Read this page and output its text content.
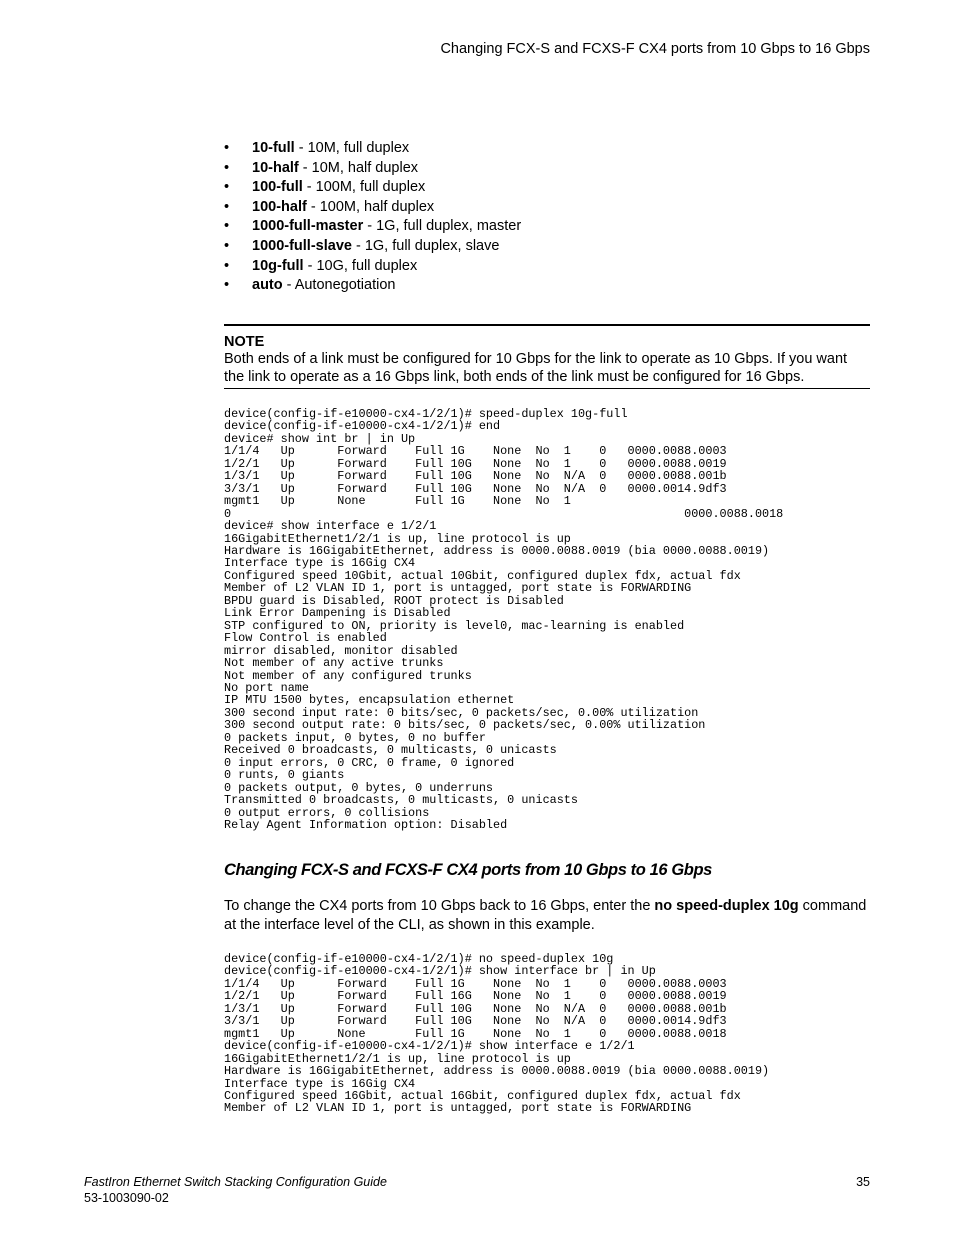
Changing FCX-S and FCXS-F CX4 ports from 10 Gbps to 16 Gbps
• 10-full - 10M, full duplex
• 10-half - 10M, half duplex
• 100-full - 100M, full duplex
• 100-half - 100M, half duplex
• 1000-full-master - 1G, full duplex, master
• 1000-full-slave - 1G, full duplex, slave
• 10g-full - 10G, full duplex
• auto - Autonegotiation
NOTE
Both ends of a link must be configured for 10 Gbps for the link to operate as 10 Gbps. If you want the link to operate as a 16 Gbps link, both ends of the link must be configured for 16 Gbps.
device(config-if-e10000-cx4-1/2/1)# speed-duplex 10g-full
device(config-if-e10000-cx4-1/2/1)# end
device# show int br | in Up
1/1/4   Up      Forward    Full 1G    None  No  1    0   0000.0088.0003
1/2/1   Up      Forward    Full 10G   None  No  1    0   0000.0088.0019
1/3/1   Up      Forward    Full 10G   None  No  N/A  0   0000.0088.001b
3/3/1   Up      Forward    Full 10G   None  No  N/A  0   0000.0014.9df3
mgmt1   Up      None       Full 1G    None  No  1
0                                                                0000.0088.0018
device# show interface e 1/2/1
16GigabitEthernet1/2/1 is up, line protocol is up
Hardware is 16GigabitEthernet, address is 0000.0088.0019 (bia 0000.0088.0019)
Interface type is 16Gig CX4
Configured speed 10Gbit, actual 10Gbit, configured duplex fdx, actual fdx
Member of L2 VLAN ID 1, port is untagged, port state is FORWARDING
BPDU guard is Disabled, ROOT protect is Disabled
Link Error Dampening is Disabled
STP configured to ON, priority is level0, mac-learning is enabled
Flow Control is enabled
mirror disabled, monitor disabled
Not member of any active trunks
Not member of any configured trunks
No port name
IP MTU 1500 bytes, encapsulation ethernet
300 second input rate: 0 bits/sec, 0 packets/sec, 0.00% utilization
300 second output rate: 0 bits/sec, 0 packets/sec, 0.00% utilization
0 packets input, 0 bytes, 0 no buffer
Received 0 broadcasts, 0 multicasts, 0 unicasts
0 input errors, 0 CRC, 0 frame, 0 ignored
0 runts, 0 giants
0 packets output, 0 bytes, 0 underruns
Transmitted 0 broadcasts, 0 multicasts, 0 unicasts
0 output errors, 0 collisions
Relay Agent Information option: Disabled
Changing FCX-S and FCXS-F CX4 ports from 10 Gbps to 16 Gbps
To change the CX4 ports from 10 Gbps back to 16 Gbps, enter the no speed-duplex 10g command at the interface level of the CLI, as shown in this example.
device(config-if-e10000-cx4-1/2/1)# no speed-duplex 10g
device(config-if-e10000-cx4-1/2/1)# show interface br | in Up
1/1/4   Up      Forward    Full 1G    None  No  1    0   0000.0088.0003
1/2/1   Up      Forward    Full 16G   None  No  1    0   0000.0088.0019
1/3/1   Up      Forward    Full 10G   None  No  N/A  0   0000.0088.001b
3/3/1   Up      Forward    Full 10G   None  No  N/A  0   0000.0014.9df3
mgmt1   Up      None       Full 1G    None  No  1    0   0000.0088.0018
device(config-if-e10000-cx4-1/2/1)# show interface e 1/2/1
16GigabitEthernet1/2/1 is up, line protocol is up
Hardware is 16GigabitEthernet, address is 0000.0088.0019 (bia 0000.0088.0019)
Interface type is 16Gig CX4
Configured speed 16Gbit, actual 16Gbit, configured duplex fdx, actual fdx
Member of L2 VLAN ID 1, port is untagged, port state is FORWARDING
FastIron Ethernet Switch Stacking Configuration Guide
53-1003090-02
35
